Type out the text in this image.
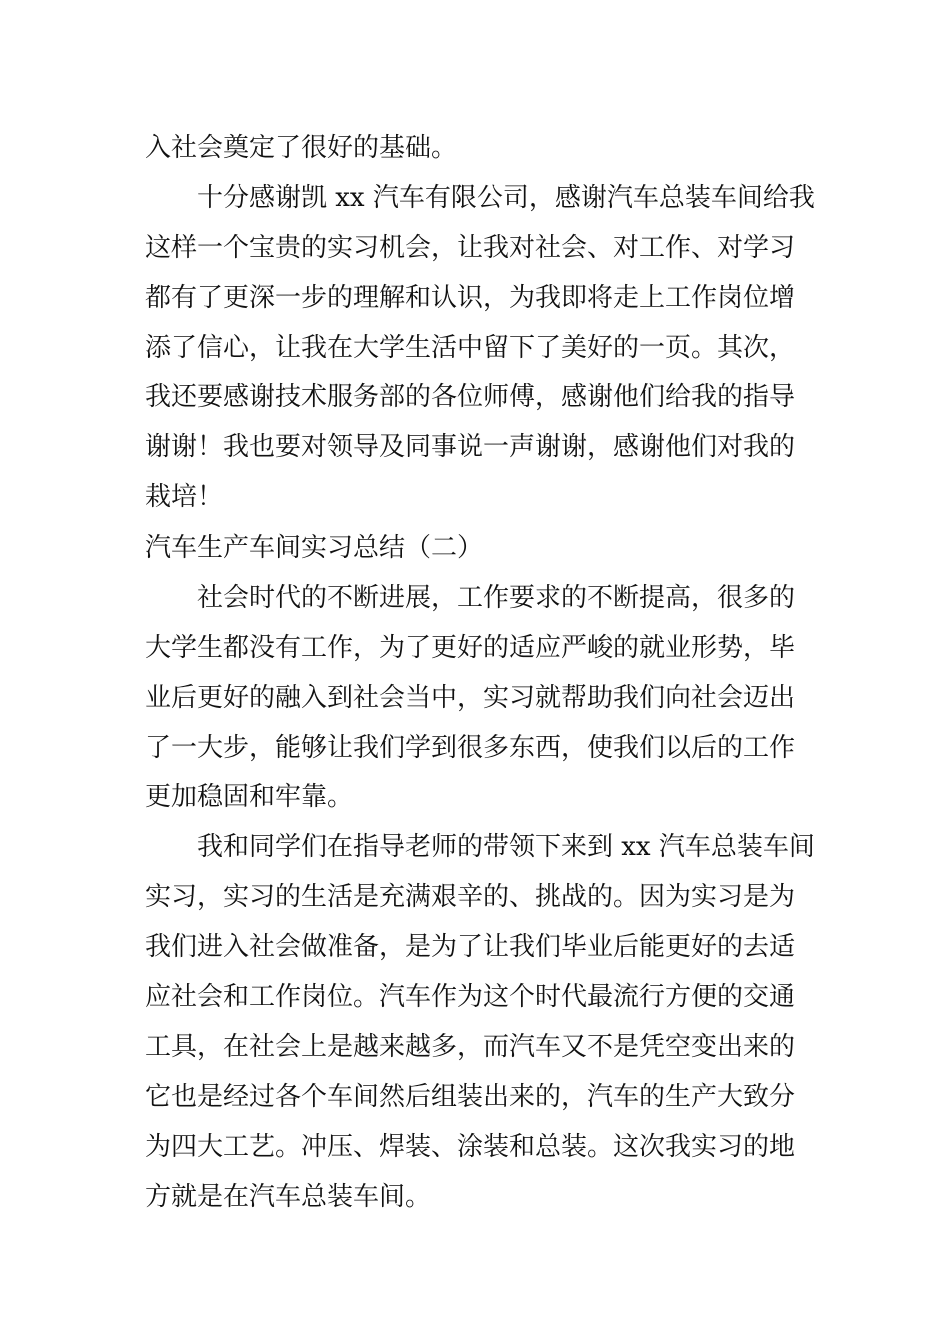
入社会奠定了很好的基础。
十分感谢凯 xx 汽车有限公司，感谢汽车总装车间给我
这样一个宝贵的实习机会，让我对社会、对工作、对学习
都有了更深一步的理解和认识，为我即将走上工作岗位增
添了信心，让我在大学生活中留下了美好的一页。其次，
我还要感谢技术服务部的各位师傅，感谢他们给我的指导
谢谢！我也要对领导及同事说一声谢谢，感谢他们对我的
栽培！
汽车生产车间实习总结（二）
社会时代的不断进展，工作要求的不断提高，很多的
大学生都没有工作，为了更好的适应严峻的就业形势，毕
业后更好的融入到社会当中，实习就帮助我们向社会迈出
了一大步，能够让我们学到很多东西，使我们以后的工作
更加稳固和牢靠。
我和同学们在指导老师的带领下来到 xx 汽车总装车间
实习，实习的生活是充满艰辛的、挑战的。因为实习是为
我们进入社会做准备，是为了让我们毕业后能更好的去适
应社会和工作岗位。汽车作为这个时代最流行方便的交通
工具，在社会上是越来越多，而汽车又不是凭空变出来的
它也是经过各个车间然后组装出来的，汽车的生产大致分
为四大工艺。冲压、焊装、涂装和总装。这次我实习的地
方就是在汽车总装车间。
